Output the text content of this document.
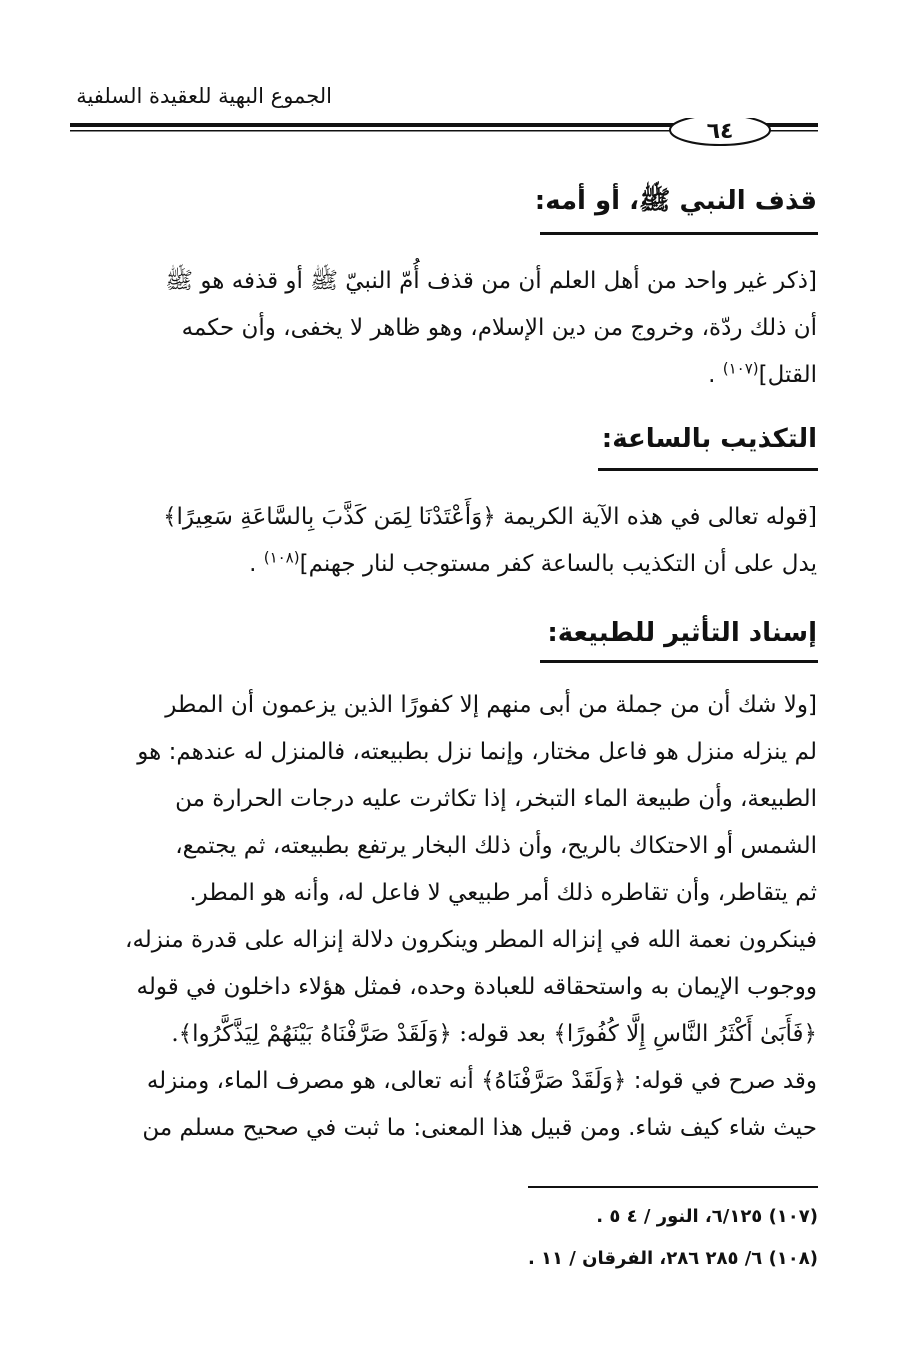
الجموع البهية للعقيدة السلفية
٦٤
قذف النبي ﷺ، أو أمه:
[ذكر غير واحد من أهل العلم أن من قذف أُمّ النبيّ ﷺ أو قذفه هو ﷺ
أن ذلك ردّة، وخروج من دين الإسلام، وهو ظاهر لا يخفى، وأن حكمه
القتل]$^{(١٠٧)}$ .
التكذيب بالساعة:
[قوله تعالى في هذه الآية الكريمة ﴿وَأَعْتَدْنَا لِمَن كَذَّبَ بِالسَّاعَةِ سَعِيرًا﴾
يدل على أن التكذيب بالساعة كفر مستوجب لنار جهنم]$^{(١٠٨)}$ .
إسناد التأثير للطبيعة:
[ولا شك أن من جملة من أبى منهم إلا كفورًا الذين يزعمون أن المطر
لم ينزله منزل هو فاعل مختار، وإنما نزل بطبيعته، فالمنزل له عندهم: هو
الطبيعة، وأن طبيعة الماء التبخر، إذا تكاثرت عليه درجات الحرارة من
الشمس أو الاحتكاك بالريح، وأن ذلك البخار يرتفع بطبيعته، ثم يجتمع،
ثم يتقاطر، وأن تقاطره ذلك أمر طبيعي لا فاعل له، وأنه هو المطر.
فينكرون نعمة الله في إنزاله المطر وينكرون دلالة إنزاله على قدرة منزله،
ووجوب الإيمان به واستحقاقه للعبادة وحده، فمثل هؤلاء داخلون في قوله
﴿فَأَبَىٰ أَكْثَرُ النَّاسِ إِلَّا كُفُورًا﴾ بعد قوله: ﴿وَلَقَدْ صَرَّفْنَاهُ بَيْنَهُمْ لِيَذَّكَّرُوا﴾.
وقد صرح في قوله: ﴿وَلَقَدْ صَرَّفْنَاهُ﴾ أنه تعالى، هو مصرف الماء، ومنزله
حيث شاء كيف شاء. ومن قبيل هذا المعنى: ما ثبت في صحيح مسلم من
(١٠٧) ٦/١٢٥، النور / ٤ ٥ .
(١٠٨) ٦/ ٢٨٥ ٢٨٦، الفرقان / ١١ .
